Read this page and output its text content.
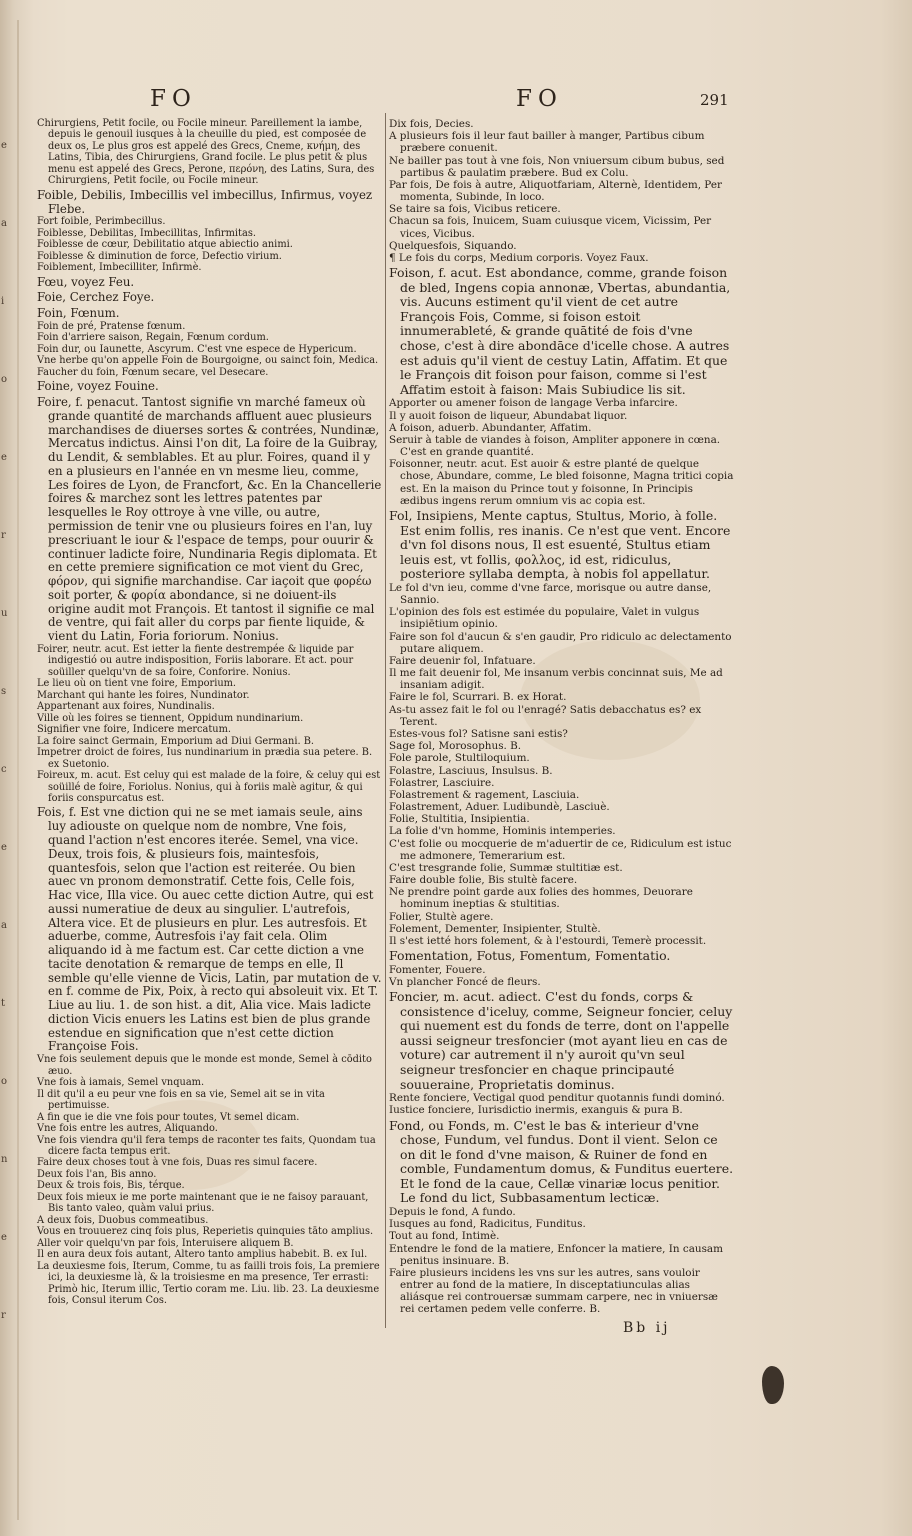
e
a
i
o
e
r
u
s
c
e
a
t
o
n
e
r
FO	FO	291

Chirurgiens, Petit focile, ou Focile mineur. Pareillement la iambe, depuis le genouil iusques à la cheuille du pied, est composée de deux os, Le plus gros est appelé des Grecs, Cneme, κνήμη, des Latins, Tibia, des Chirurgiens, Grand focile. Le plus petit & plus menu est appelé des Grecs, Perone, περόνη, des Latins, Sura, des Chirurgiens, Petit focile, ou Focile mineur.

Foible, Debilis, Imbecillis vel imbecillus, Infirmus, voyez Flebe.

Fort foible, Perimbecillus.

Foiblesse, Debilitas, Imbecillitas, Infirmitas.

Foiblesse de cœur, Debilitatio atque abiectio animi.

Foiblesse & diminution de force, Defectio virium.

Foiblement, Imbecilliter, Infirmè.

Fœu, voyez Feu.

Foie, Cerchez Foye.

Foin, Fœnum.

Foin de pré, Pratense fœnum.

Foin d'arriere saison, Regain, Fœnum cordum.

Foin dur, ou Iaunette, Ascyrum. C'est vne espece de Hypericum.

Vne herbe qu'on appelle Foin de Bourgoigne, ou sainct foin, Medica.

Faucher du foin, Fœnum secare, vel Desecare.

Foine, voyez Fouine.

Foire, f. penacut. Tantost signifie vn marché fameux où grande quantité de marchands affluent auec plusieurs marchandises de diuerses sortes & contrées, Nundinæ, Mercatus indictus. Ainsi l'on dit, La foire de la Guibray, du Lendit, & semblables. Et au plur. Foires, quand il y en a plusieurs en l'année en vn mesme lieu, comme, Les foires de Lyon, de Francfort, &c. En la Chancellerie foires & marchez sont les lettres patentes par lesquelles le Roy ottroye à vne ville, ou autre, permission de tenir vne ou plusieurs foires en l'an, luy prescriuant le iour & l'espace de temps, pour ouurir & continuer ladicte foire, Nundinaria Regis diplomata. Et en cette premiere signification ce mot vient du Grec, φόρον, qui signifie marchandise. Car iaçoit que φορέω soit porter, & φορία abondance, si ne doiuent-ils origine audit mot François. Et tantost il signifie ce mal de ventre, qui fait aller du corps par fiente liquide, & vient du Latin, Foria foriorum. Nonius.

Foirer, neutr. acut. Est ietter la fiente destrempée & liquide par indigestió ou autre indisposition, Foriis laborare. Et act. pour soüiller quelqu'vn de sa foire, Conforire. Nonius.

Le lieu où on tient vne foire, Emporium.

Marchant qui hante les foires, Nundinator.

Appartenant aux foires, Nundinalis.

Ville où les foires se tiennent, Oppidum nundinarium.

Signifier vne foire, Indicere mercatum.

La foire sainct Germain, Emporium ad Diui Germani. B.

Impetrer droict de foires, Ius nundinarium in prædia sua petere. B. ex Suetonio.

Foireux, m. acut. Est celuy qui est malade de la foire, & celuy qui est soüillé de foire, Foriolus. Nonius, qui à foriis malè agitur, & qui foriis conspurcatus est.

Fois, f. Est vne diction qui ne se met iamais seule, ains luy adiouste on quelque nom de nombre, Vne fois, quand l'action n'est encores iterée. Semel, vna vice. Deux, trois fois, & plusieurs fois, maintesfois, quantesfois, selon que l'action est reiterée. Ou bien auec vn pronom demonstratif. Cette fois, Celle fois, Hac vice, Illa vice. Ou auec cette diction Autre, qui est aussi numeratiue de deux au singulier. L'autrefois, Altera vice. Et de plusieurs en plur. Les autresfois. Et aduerbe, comme, Autresfois i'ay fait cela. Olim aliquando id à me factum est. Car cette diction a vne tacite denotation & remarque de temps en elle, Il semble qu'elle vienne de Vicis, Latin, par mutation de v. en f. comme de Pix, Poix, à recto qui absoleuit vix. Et T. Liue au liu. 1. de son hist. a dit, Alia vice. Mais ladicte diction Vicis enuers les Latins est bien de plus grande estendue en signification que n'est cette diction Françoise Fois.

Vne fois seulement depuis que le monde est monde, Semel à cōdito æuo.

Vne fois à iamais, Semel vnquam.

Il dit qu'il a eu peur vne fois en sa vie, Semel ait se in vita pertimuisse.

A fin que ie die vne fois pour toutes, Vt semel dicam.

Vne fois entre les autres, Aliquando.

Vne fois viendra qu'il fera temps de raconter tes faits, Quondam tua dicere facta tempus erit.

Faire deux choses tout à vne fois, Duas res simul facere.

Deux fois l'an, Bis anno.

Deux & trois fois, Bis, térque.

Deux fois mieux ie me porte maintenant que ie ne faisoy parauant, Bis tanto valeo, quàm valui prius.

A deux fois, Duobus commeatibus.

Vous en trouuerez cinq fois plus, Reperietis quinquies tāto amplius.

Aller voir quelqu'vn par fois, Interuisere aliquem B.

Il en aura deux fois autant, Altero tanto amplius habebit. B. ex Iul.

La deuxiesme fois, Iterum, Comme, tu as failli trois fois, La premiere ici, la deuxiesme là, & la troisiesme en ma presence, Ter errasti: Primò hic, Iterum illic, Tertio coram me. Liu. lib. 23. La deuxiesme fois, Consul iterum Cos.

Dix fois, Decies.

A plusieurs fois il leur faut bailler à manger, Partibus cibum præbere conuenit.

Ne bailler pas tout à vne fois, Non vniuersum cibum bubus, sed partibus & paulatim præbere. Bud ex Colu.

Par fois, De fois à autre, Aliquotfariam, Alternè, Identidem, Per momenta, Subinde, In loco.

Se taire sa fois, Vicibus reticere.

Chacun sa fois, Inuicem, Suam cuiusque vicem, Vicissim, Per vices, Vicibus.

Quelquesfois, Siquando.

¶ Le fois du corps, Medium corporis. Voyez Faux.

Foison, f. acut. Est abondance, comme, grande foison de bled, Ingens copia annonæ, Vbertas, abundantia, vis. Aucuns estiment qu'il vient de cet autre François Fois, Comme, si foison estoit innumerableté, & grande quātité de fois d'vne chose, c'est à dire abondāce d'icelle chose. A autres est aduis qu'il vient de cestuy Latin, Affatim. Et que le François dit foison pour faison, comme si l'est Affatim estoit à faison: Mais Subiudice lis sit.

Apporter ou amener foison de langage Verba infarcire.

Il y auoit foison de liqueur, Abundabat liquor.

A foison, aduerb. Abundanter, Affatim.

Seruir à table de viandes à foison, Ampliter apponere in cœna. C'est en grande quantité.

Foisonner, neutr. acut. Est auoir & estre planté de quelque chose, Abundare, comme, Le bled foisonne, Magna tritici copia est. En la maison du Prince tout y foisonne, In Principis ædibus ingens rerum omnium vis ac copia est.

Fol, Insipiens, Mente captus, Stultus, Morio, à folle. Est enim follis, res inanis. Ce n'est que vent. Encore d'vn fol disons nous, Il est esuenté, Stultus etiam leuis est, vt follis, φολλος, id est, ridiculus, posteriore syllaba dempta, à nobis fol appellatur.

Le fol d'vn ieu, comme d'vne farce, morisque ou autre danse, Sannio.

L'opinion des fols est estimée du populaire, Valet in vulgus insipiētium opinio.

Faire son fol d'aucun & s'en gaudir, Pro ridiculo ac delectamento putare aliquem.

Faire deuenir fol, Infatuare.

Il me fait deuenir fol, Me insanum verbis concinnat suis, Me ad insaniam adigit.

Faire le fol, Scurrari. B. ex Horat.

As-tu assez fait le fol ou l'enragé? Satis debacchatus es? ex Terent.

Estes-vous fol? Satisne sani estis?

Sage fol, Morosophus. B.

Fole parole, Stultiloquium.

Folastre, Lasciuus, Insulsus. B.

Folastrer, Lasciuire.

Folastrement & ragement, Lasciuia.

Folastrement, Aduer. Ludibundè, Lasciuè.

Folie, Stultitia, Insipientia.

La folie d'vn homme, Hominis intemperies.

C'est folie ou mocquerie de m'aduertir de ce, Ridiculum est istuc me admonere, Temerarium est.

C'est tresgrande folie, Summæ stultitiæ est.

Faire double folie, Bis stultè facere.

Ne prendre point garde aux folies des hommes, Deuorare hominum ineptias & stultitias.

Folier, Stultè agere.

Folement, Dementer, Insipienter, Stultè.

Il s'est ietté hors folement, & à l'estourdi, Temerè processit.

Fomentation, Fotus, Fomentum, Fomentatio.

Fomenter, Fouere.

Vn plancher Foncé de fleurs.

Foncier, m. acut. adiect. C'est du fonds, corps & consistence d'iceluy, comme, Seigneur foncier, celuy qui nuement est du fonds de terre, dont on l'appelle aussi seigneur tresfoncier (mot ayant lieu en cas de voture) car autrement il n'y auroit qu'vn seul seigneur tresfoncier en chaque principauté souueraine, Proprietatis dominus.

Rente fonciere, Vectigal quod penditur quotannis fundi dominó.

Iustice fonciere, Iurisdictio inermis, exanguis & pura B.

Fond, ou Fonds, m. C'est le bas & interieur d'vne chose, Fundum, vel fundus. Dont il vient. Selon ce on dit le fond d'vne maison, & Ruiner de fond en comble, Fundamentum domus, & Funditus euertere. Et le fond de la caue, Cellæ vinariæ locus penitior. Le fond du lict, Subbasamentum lecticæ.

Depuis le fond, A fundo.

Iusques au fond, Radicitus, Funditus.

Tout au fond, Intimè.

Entendre le fond de la matiere, Enfoncer la matiere, In causam penitus insinuare. B.

Faire plusieurs incidens les vns sur les autres, sans vouloir entrer au fond de la matiere, In disceptatiunculas alias aliásque rei controuersæ summam carpere, nec in vniuersæ rei certamen pedem velle conferre. B.

Bb ij
